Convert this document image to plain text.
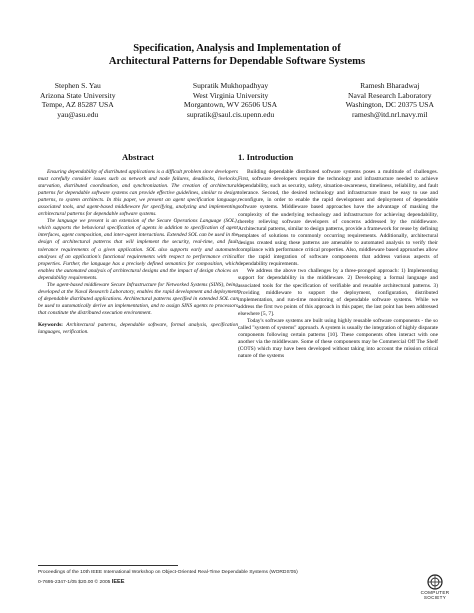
Specification, Analysis and Implementation of
Architectural Patterns for Dependable Software Systems
Stephen S. Yau
Arizona State University
Tempe, AZ 85287 USA
yau@asu.edu
Supratik Mukhopadhyay
West Virginia University
Morgantown, WV 26506 USA
supratik@saul.cis.upenn.edu
Ramesh Bharadwaj
Naval Research Laboratory
Washington, DC 20375 USA
ramesh@itd.nrl.navy.mil
Abstract

Ensuring dependability of distributed applications is a difficult problem since developers must carefully consider issues such as network and node failures, deadlocks, livelocks, starvation, distributed coordination, and synchronization. The creation of architectural patterns for dependable software systems can provide effective guidelines, similar to design patterns, to system architects. In this paper, we present an agent specification language, associated tools, and agent-based middleware for specifying, analyzing and implementing architectural patterns for dependable software systems.

The language we present is an extension of the Secure Operations Language (SOL), which supports the behavioral specification of agents in addition to specification of agent interfaces, agent composition, and inter-agent interactions. Extended SOL can be used in the design of architectural patterns that will implement the security, real-time, and fault tolerance requirements of a given application. SOL also supports early and automated analyses of an application's functional requirements with respect to performance critical properties. Further, the language has a precisely defined semantics for composition, which enables the automated analysis of architectural designs and the impact of design choices on dependability requirements.

The agent-based middleware Secure Infrastructure for Networked Systems (SINS), being developed at the Naval Research Laboratory, enables the rapid development and deployment of dependable distributed applications. Architectural patterns specified in extended SOL can be used to automatically derive an implementation, and to assign SINS agents to processors that constitute the distributed execution environment.

Keywords: Architectural patterns, dependable software, formal analysis, specification languages, verification.

1. Introduction

Building dependable distributed software systems poses a multitude of challenges. First, software developers require the technology and infrastructure needed to achieve dependability, such as security, safety, situation-awareness, timeliness, reliability, and fault tolerance. Second, the desired technology and infrastructure must be easy to use and reconfigure, in order to enable the rapid development and deployment of dependable software systems. Middleware based approaches have the advantage of masking the complexity of the underlying technology and infrastructure for achieving dependability, thereby relieving software developers of concerns addressed by the middleware. Architectural patterns, similar to design patterns, provide a framework for reuse by defining templates of solutions to commonly occurring requirements. Additionally, architectural designs created using these patterns are amenable to automated analysis to verify their compliance with performance critical properties. Also, middleware based approaches allow for the rapid integration of software components that address various aspects of dependability requirements.

We address the above two challenges by a three-pronged approach: 1) Implementing support for dependability in the middleware. 2) Developing a formal language and associated tools for the specification of verifiable and reusable architectural patterns. 3) Providing middleware to support the deployment, configuration, distributed implementation, and run-time monitoring of dependable software systems. While we address the first two points of this approach in this paper, the last point has been addressed elsewhere [5, 7].

Today's software systems are built using highly reusable software components - the so called "system of systems" approach. A system is usually the integration of highly disparate components following certain patterns [10]. These components often interact with one another via the middleware. Some of these components may be Commercial Off The Shelf (COTS) which may have been developed without taking into account the mission critical nature of the systems

Proceedings of the 10th IEEE International Workshop on Object-Oriented Real-Time Dependable Systems (WORDS'05)
0-7695-2347-1/05 $20.00 © 2005 IEEE
COMPUTER
SOCIETY
